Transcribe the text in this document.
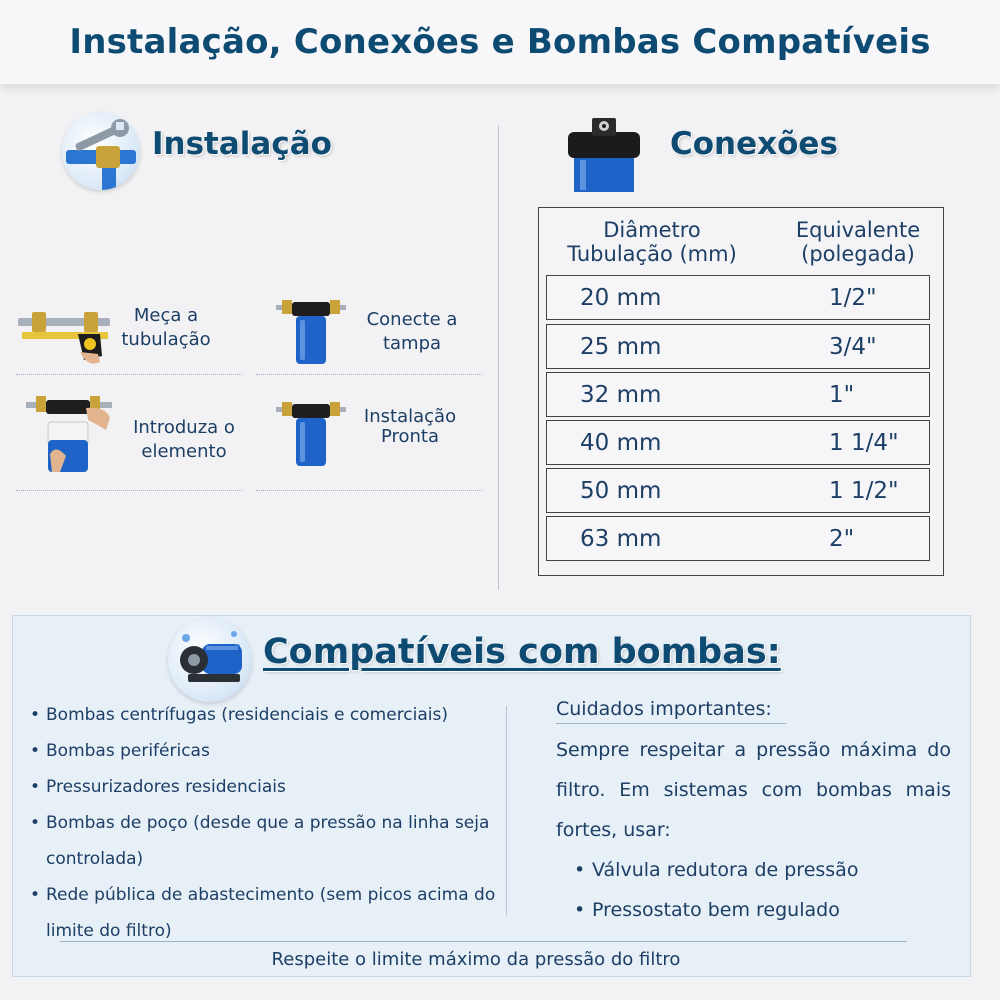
Instalação, Conexões e Bombas Compatíveis
Instalação
Meça a
tubulação
Conecte a
tampa
Introduza o
elemento
Instalação
Pronta
Conexões
Diâmetro
Tubulação (mm)
Equivalente
(polegada)
20 mm	1/2"
25 mm	3/4"
32 mm	1"
40 mm	1 1/4"
50 mm	1 1/2"
63 mm	2"
Compatíveis com bombas:
• Bombas centrífugas (residenciais e comerciais)
• Bombas periféricas
• Pressurizadores residenciais
• Bombas de poço (desde que a pressão na linha seja controlada)
• Rede pública de abastecimento (sem picos acima do limite do filtro)
Cuidados importantes:
Sempre respeitar a pressão máxima do filtro. Em sistemas com bombas mais fortes, usar:
• Válvula redutora de pressão
• Pressostato bem regulado
Respeite o limite máximo da pressão do filtro
